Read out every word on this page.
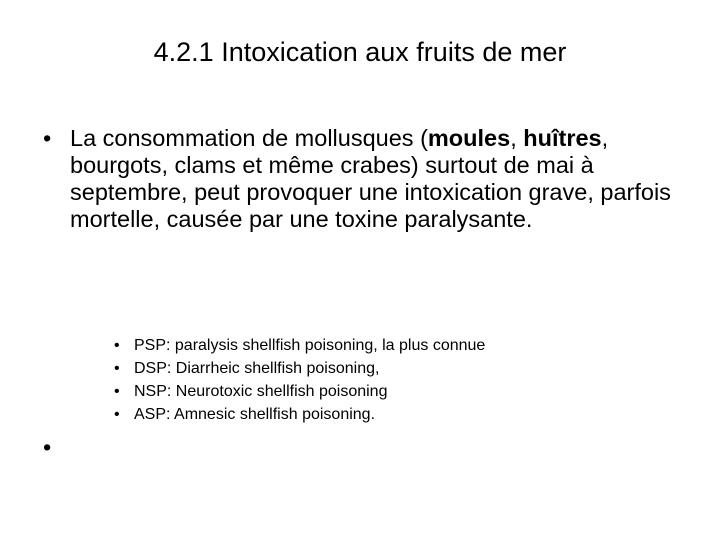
4.2.1 Intoxication aux fruits de mer
• La consommation de mollusques (moules, huîtres, bourgots, clams et même crabes) surtout de mai à septembre, peut provoquer une intoxication grave, parfois mortelle, causée par une toxine paralysante.
• PSP: paralysis shellfish poisoning, la plus connue
• DSP: Diarrheic shellfish poisoning,
• NSP: Neurotoxic shellfish poisoning
• ASP: Amnesic shellfish poisoning.
•
